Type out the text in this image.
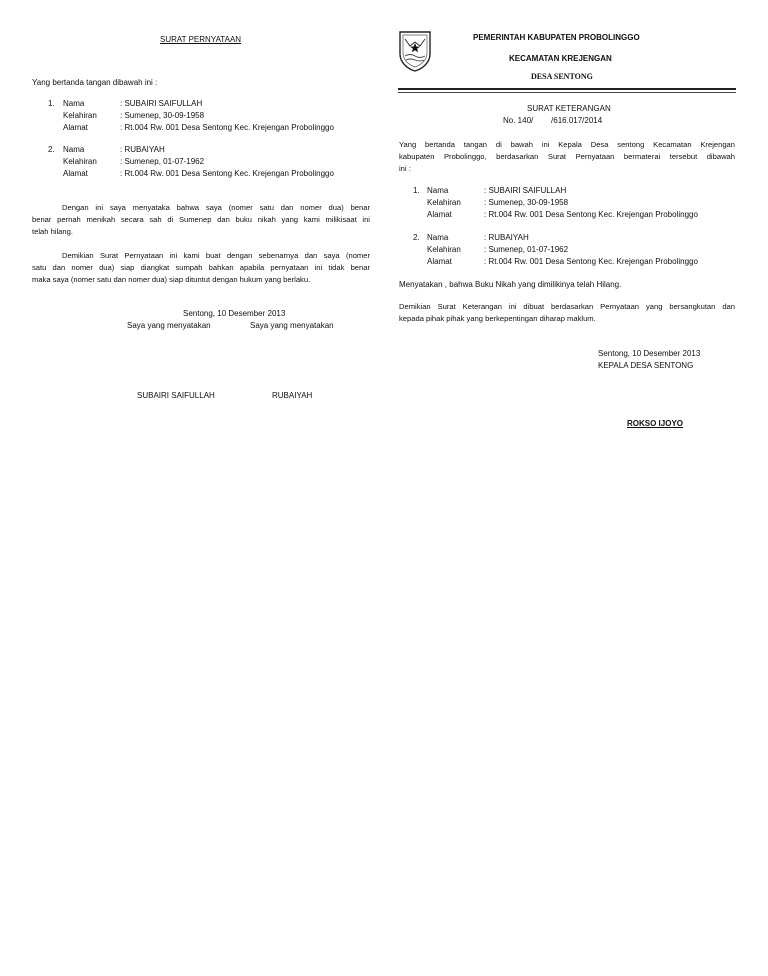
SURAT PERNYATAAN
Yang bertanda tangan dibawah ini :
1. Nama	: SUBAIRI SAIFULLAH
Kelahiran	: Sumenep, 30-09-1958
Alamat	: Rt.004 Rw. 001 Desa Sentong Kec. Krejengan Probolinggo
2. Nama	: RUBAIYAH
Kelahiran	: Sumenep, 01-07-1962
Alamat	: Rt.004 Rw. 001 Desa Sentong Kec. Krejengan Probolinggo
Dengan ini saya menyataka bahwa saya (nomer satu dan nomer dua) benar
benar pernah menikah secara sah di Sumenep dan buku nikah yang kami milikisaat ini
telah hilang.
Demikian Surat Pernyataan ini kami buat dengan sebenarnya dan saya (nomer
satu dan nomer dua) siap diangkat sumpah bahkan apabila pernyataan ini tidak benar
maka saya (nomer satu dan nomer dua) siap dituntut dengan hukum yang berlaku.
Sentong, 10 Desember 2013
Saya yang menyatakan	Saya yang menyatakan
SUBAIRI SAIFULLAH	RUBAIYAH
PEMERINTAH KABUPATEN PROBOLINGGO
KECAMATAN KREJENGAN
DESA SENTONG
SURAT KETERANGAN
No. 140/        /616.017/2014
Yang bertanda tangan di bawah ini Kepala Desa sentong Kecamatan Krejengan
kabupaten Probolinggo, berdasarkan Surat Pernyataan bermaterai tersebut dibawah
ini :
1. Nama	: SUBAIRI SAIFULLAH
Kelahiran	: Sumenep, 30-09-1958
Alamat	: Rt.004 Rw. 001 Desa Sentong Kec. Krejengan Probolinggo
2. Nama	: RUBAIYAH
Kelahiran	: Sumenep, 01-07-1962
Alamat	: Rt.004 Rw. 001 Desa Sentong Kec. Krejengan Probolinggo
Menyatakan , bahwa Buku Nikah yang dimilikinya telah Hilang.
Demikian Surat Keterangan ini dibuat berdasarkan Pernyataan yang bersangkutan dan
kepada pihak pihak yang berkepentingan diharap maklum.
Sentong, 10 Desember 2013
KEPALA DESA SENTONG
ROKSO IJOYO
